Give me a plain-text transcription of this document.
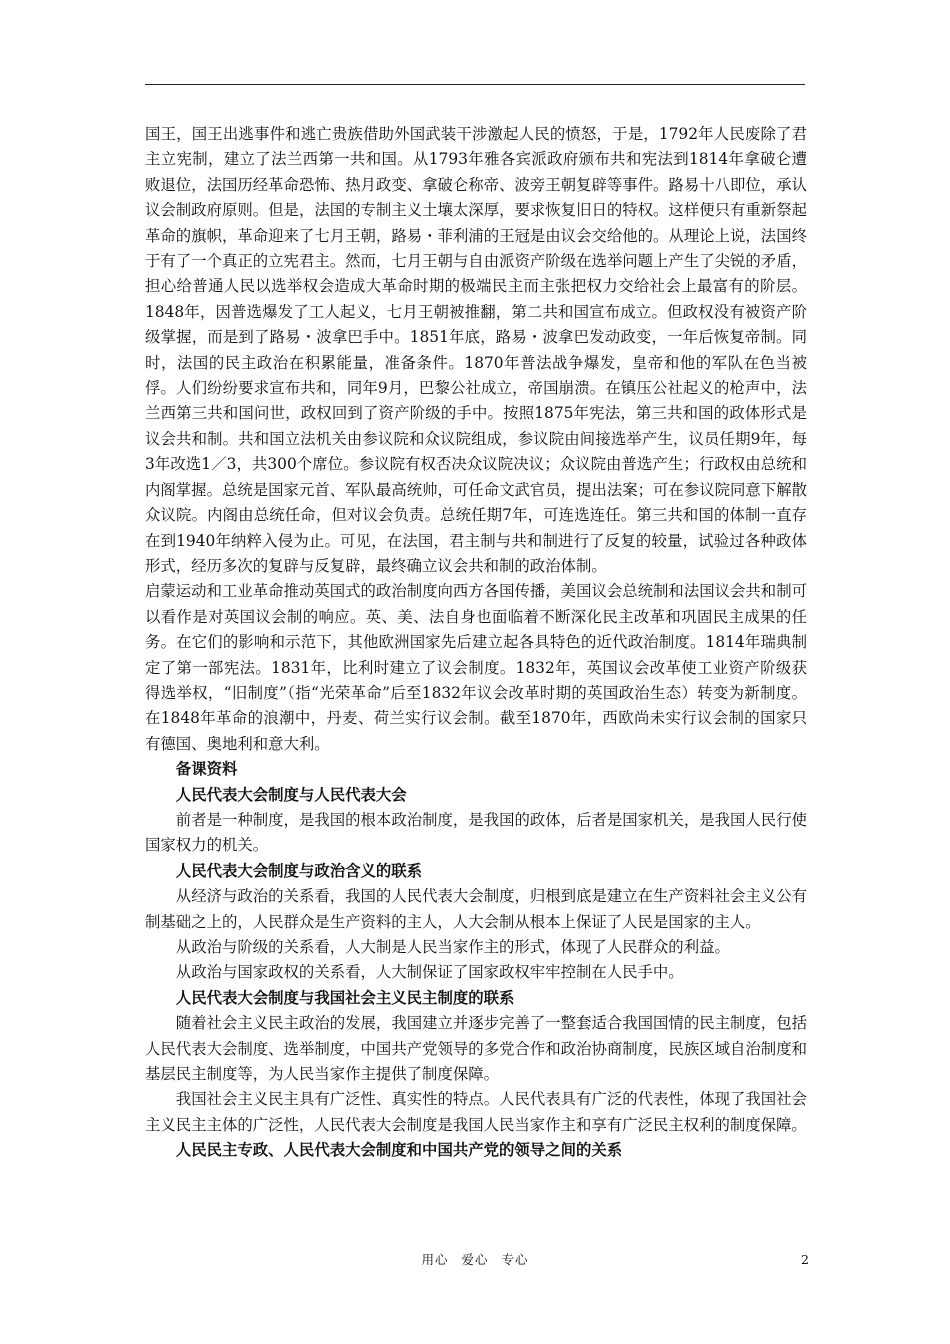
国王，国王出逃事件和逃亡贵族借助外国武装干涉激起人民的愤怒，于是，1792年人民废除了君主立宪制，建立了法兰西第一共和国。从1793年雅各宾派政府颁布共和宪法到1814年拿破仑遭败退位，法国历经革命恐怖、热月政变、拿破仑称帝、波旁王朝复辟等事件。路易十八即位，承认议会制政府原则。但是，法国的专制主义土壤太深厚，要求恢复旧日的特权。这样便只有重新祭起革命的旗帜，革命迎来了七月王朝，路易・菲利浦的王冠是由议会交给他的。从理论上说，法国终于有了一个真正的立宪君主。然而，七月王朝与自由派资产阶级在选举问题上产生了尖锐的矛盾，担心给普通人民以选举权会造成大革命时期的极端民主而主张把权力交给社会上最富有的阶层。1848年，因普选爆发了工人起义，七月王朝被推翻，第二共和国宣布成立。但政权没有被资产阶级掌握，而是到了路易・波拿巴手中。1851年底，路易・波拿巴发动政变，一年后恢复帝制。同时，法国的民主政治在积累能量，准备条件。1870年普法战争爆发，皇帝和他的军队在色当被俘。人们纷纷要求宣布共和，同年9月，巴黎公社成立，帝国崩溃。在镇压公社起义的枪声中，法兰西第三共和国问世，政权回到了资产阶级的手中。按照1875年宪法，第三共和国的政体形式是议会共和制。共和国立法机关由参议院和众议院组成，参议院由间接选举产生，议员任期9年，每3年改选1／3，共300个席位。参议院有权否决众议院决议；众议院由普选产生；行政权由总统和内阁掌握。总统是国家元首、军队最高统帅，可任命文武官员，提出法案；可在参议院同意下解散众议院。内阁由总统任命，但对议会负责。总统任期7年，可连选连任。第三共和国的体制一直存在到1940年纳粹入侵为止。可见，在法国，君主制与共和制进行了反复的较量，试验过各种政体形式，经历多次的复辟与反复辟，最终确立议会共和制的政治体制。

启蒙运动和工业革命推动英国式的政治制度向西方各国传播，美国议会总统制和法国议会共和制可以看作是对英国议会制的响应。英、美、法自身也面临着不断深化民主改革和巩固民主成果的任务。在它们的影响和示范下，其他欧洲国家先后建立起各具特色的近代政治制度。1814年瑞典制定了第一部宪法。1831年，比利时建立了议会制度。1832年，英国议会改革使工业资产阶级获得选举权，“旧制度”（指“光荣革命”后至1832年议会改革时期的英国政治生态）转变为新制度。在1848年革命的浪潮中，丹麦、荷兰实行议会制。截至1870年，西欧尚未实行议会制的国家只有德国、奥地利和意大利。

备课资料
人民代表大会制度与人民代表大会

前者是一种制度，是我国的根本政治制度，是我国的政体，后者是国家机关，是我国人民行使国家权力的机关。

人民代表大会制度与政治含义的联系

从经济与政治的关系看，我国的人民代表大会制度，归根到底是建立在生产资料社会主义公有制基础之上的，人民群众是生产资料的主人，人大会制从根本上保证了人民是国家的主人。

从政治与阶级的关系看，人大制是人民当家作主的形式，体现了人民群众的利益。

从政治与国家政权的关系看，人大制保证了国家政权牢牢控制在人民手中。

人民代表大会制度与我国社会主义民主制度的联系

随着社会主义民主政治的发展，我国建立并逐步完善了一整套适合我国国情的民主制度，包括人民代表大会制度、选举制度，中国共产党领导的多党合作和政治协商制度，民族区域自治制度和基层民主制度等，为人民当家作主提供了制度保障。

我国社会主义民主具有广泛性、真实性的特点。人民代表具有广泛的代表性，体现了我国社会主义民主主体的广泛性，人民代表大会制度是我国人民当家作主和享有广泛民主权利的制度保障。

人民民主专政、人民代表大会制度和中国共产党的领导之间的关系
用心 爱心 专心	2
